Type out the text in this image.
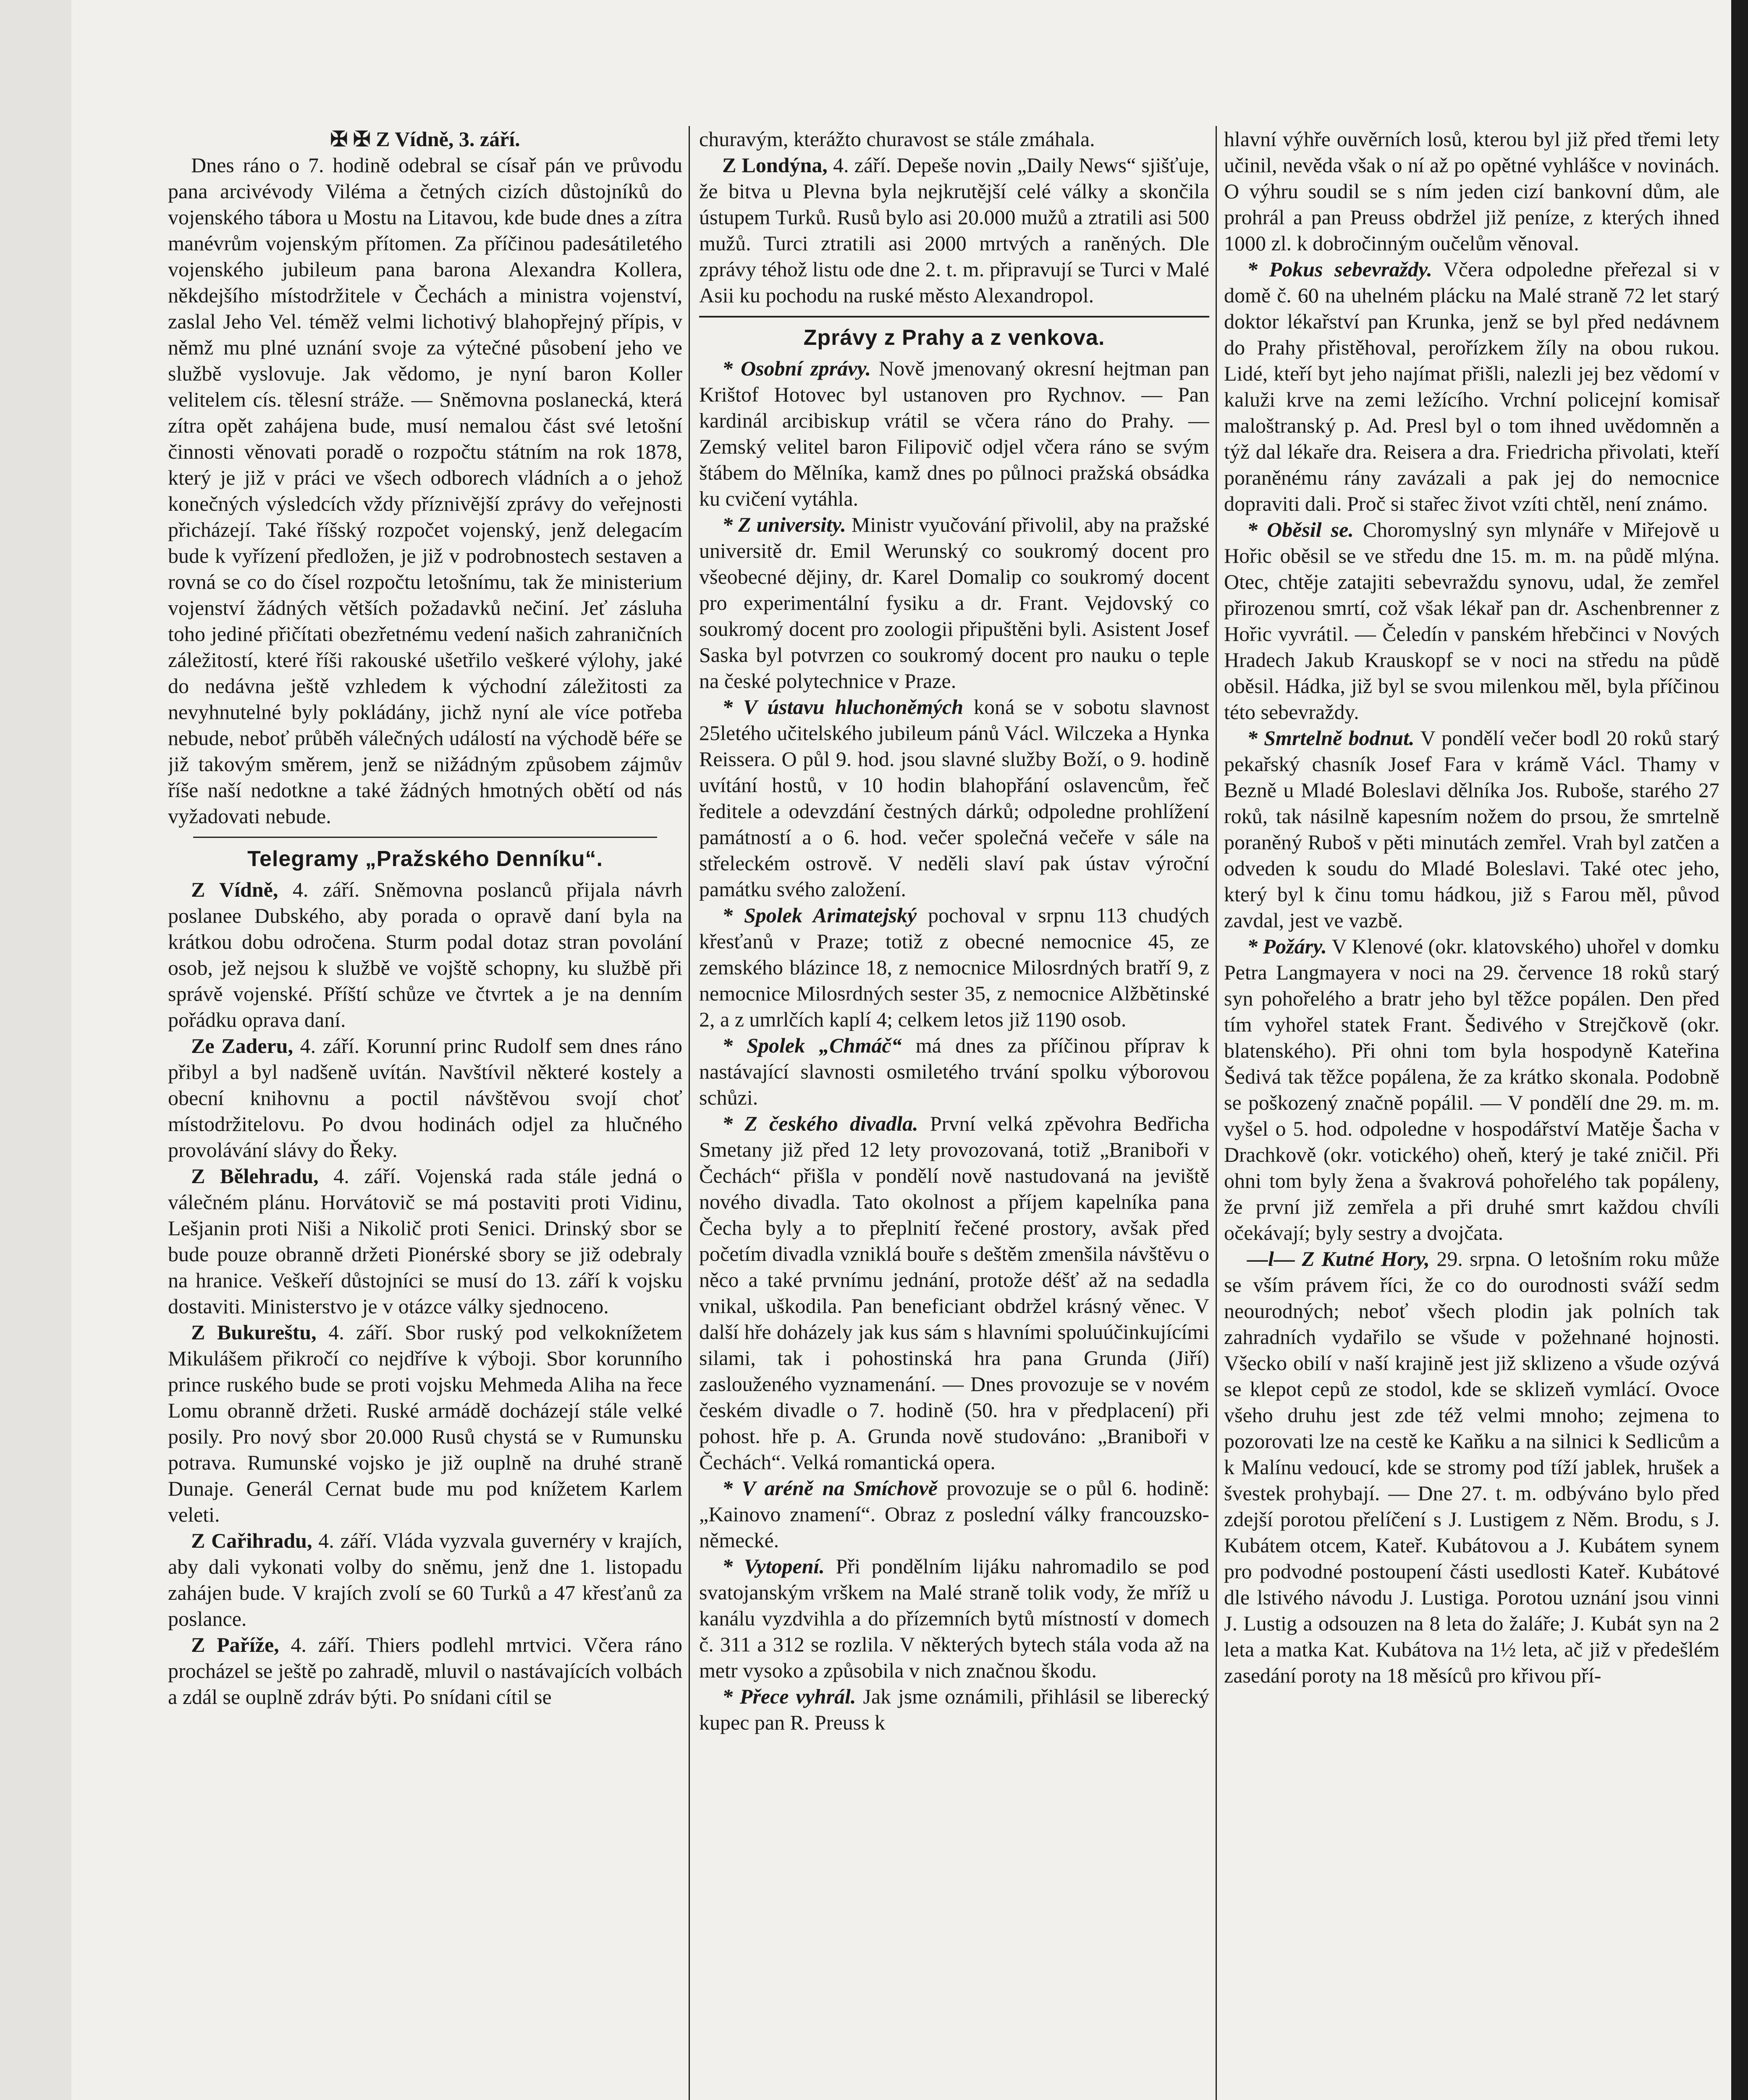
✠ ✠ Z Vídně, 3. září.

Dnes ráno o 7. hodině odebral se císař pán ve průvodu pana arcivévody Viléma a četných cizích důstojníků do vojenského tábora u Mostu na Litavou, kde bude dnes a zítra manévrům vojenským přítomen. Za příčinou padesátiletého vojenského jubileum pana barona Alexandra Kollera, někdejšího místodržitele v Čechách a ministra vojenství, zaslal Jeho Vel. téměž velmi lichotivý blahopřejný přípis, v němž mu plné uznání svoje za výtečné působení jeho ve službě vyslovuje. Jak vědomo, je nyní baron Koller velitelem cís. tělesní stráže. — Sněmovna poslanecká, která zítra opět zahájena bude, musí nemalou část své letošní činnosti věnovati poradě o rozpočtu státním na rok 1878, který je již v práci ve všech odborech vládních a o jehož konečných výsledcích vždy příznivější zprávy do veřejnosti přicházejí. Také říšský rozpočet vojenský, jenž delegacím bude k vyřízení předložen, je již v podrobnostech sestaven a rovná se co do čísel rozpočtu letošnímu, tak že ministerium vojenství žádných větších požadavků nečiní. Jeť zásluha toho jediné přičítati obezřetnému vedení našich zahraničních záležitostí, které říši rakouské ušetřilo veškeré výlohy, jaké do nedávna ještě vzhledem k východní záležitosti za nevyhnutelné byly pokládány, jichž nyní ale více potřeba nebude, neboť průběh válečných událostí na východě béře se již takovým směrem, jenž se nižádným způsobem zájmův říše naší nedotkne a také žádných hmotných obětí od nás vyžadovati nebude.

Telegramy „Pražského Denníku“.

Z Vídně, 4. září. Sněmovna poslanců přijala návrh poslanee Dubského, aby porada o opravě daní byla na krátkou dobu odročena. Sturm podal dotaz stran povolání osob, jež nejsou k službě ve vojště schopny, ku službě při správě vojenské. Příští schůze ve čtvrtek a je na denním pořádku oprava daní.

Ze Zaderu, 4. září. Korunní princ Rudolf sem dnes ráno přibyl a byl nadšeně uvítán. Navštívil některé kostely a obecní knihovnu a poctil návštěvou svojí choť místodržitelovu. Po dvou hodinách odjel za hlučného provolávání slávy do Řeky.

Z Bělehradu, 4. září. Vojenská rada stále jedná o válečném plánu. Horvátovič se má postaviti proti Vidinu, Lešjanin proti Niši a Nikolič proti Senici. Drinský sbor se bude pouze obranně držeti Pionérské sbory se již odebraly na hranice. Veškeří důstojníci se musí do 13. září k vojsku dostaviti. Ministerstvo je v otázce války sjednoceno.

Z Bukureštu, 4. září. Sbor ruský pod velkoknížetem Mikulášem přikročí co nejdříve k výboji. Sbor korunního prince ruského bude se proti vojsku Mehmeda Aliha na řece Lomu obranně držeti. Ruské armádě docházejí stále velké posily. Pro nový sbor 20.000 Rusů chystá se v Rumunsku potrava. Rumunské vojsko je již ouplně na druhé straně Dunaje. Generál Cernat bude mu pod knížetem Karlem veleti.

Z Cařihradu, 4. září. Vláda vyzvala guvernéry v krajích, aby dali vykonati volby do sněmu, jenž dne 1. listopadu zahájen bude. V krajích zvolí se 60 Turků a 47 křesťanů za poslance.

Z Paříže, 4. září. Thiers podlehl mrtvici. Včera ráno procházel se ještě po zahradě, mluvil o nastávajících volbách a zdál se ouplně zdráv býti. Po snídani cítil se

churavým, kterážto churavost se stále zmáhala.

Z Londýna, 4. září. Depeše novin „Daily News“ sjišťuje, že bitva u Plevna byla nejkrutější celé války a skončila ústupem Turků. Rusů bylo asi 20.000 mužů a ztratili asi 500 mužů. Turci ztratili asi 2000 mrtvých a raněných. Dle zprávy téhož listu ode dne 2. t. m. připravují se Turci v Malé Asii ku pochodu na ruské město Alexandropol.

Zprávy z Prahy a z venkova.

* Osobní zprávy. Nově jmenovaný okresní hejtman pan Krištof Hotovec byl ustanoven pro Rychnov. — Pan kardinál arcibiskup vrátil se včera ráno do Prahy. — Zemský velitel baron Filipovič odjel včera ráno se svým štábem do Mělníka, kamž dnes po půlnoci pražská obsádka ku cvičení vytáhla.

* Z university. Ministr vyučování přivolil, aby na pražské universitě dr. Emil Werunský co soukromý docent pro všeobecné dějiny, dr. Karel Domalip co soukromý docent pro experimentální fysiku a dr. Frant. Vejdovský co soukromý docent pro zoologii připuštěni byli. Asistent Josef Saska byl potvrzen co soukromý docent pro nauku o teple na české polytechnice v Praze.

* V ústavu hluchoněmých koná se v sobotu slavnost 25letého učitelského jubileum pánů Václ. Wilczeka a Hynka Reissera. O půl 9. hod. jsou slavné služby Boží, o 9. hodině uvítání hostů, v 10 hodin blahopřání oslavencům, řeč ředitele a odevzdání čestných dárků; odpoledne prohlížení památností a o 6. hod. večer společná večeře v sále na střeleckém ostrově. V neděli slaví pak ústav výroční památku svého založení.

* Spolek Arimatejský pochoval v srpnu 113 chudých křesťanů v Praze; totiž z obecné nemocnice 45, ze zemského blázince 18, z nemocnice Milosrdných bratří 9, z nemocnice Milosrdných sester 35, z nemocnice Alžbětinské 2, a z umrlčích kaplí 4; celkem letos již 1190 osob.

* Spolek „Chmáč“ má dnes za příčinou příprav k nastávající slavnosti osmiletého trvání spolku výborovou schůzi.

* Z českého divadla. První velká zpěvohra Bedřicha Smetany již před 12 lety provozovaná, totiž „Braniboři v Čechách“ přišla v pondělí nově nastudovaná na jeviště nového divadla. Tato okolnost a příjem kapelníka pana Čecha byly a to přeplnití řečené prostory, avšak před početím divadla vzniklá bouře s deštěm zmenšila návštěvu o něco a také prvnímu jednání, protože déšť až na sedadla vnikal, uškodila. Pan beneficiant obdržel krásný věnec. V další hře doházely jak kus sám s hlavními spoluúčinkujícími silami, tak i pohostinská hra pana Grunda (Jiří) zaslouženého vyznamenání. — Dnes provozuje se v novém českém divadle o 7. hodině (50. hra v předplacení) při pohost. hře p. A. Grunda nově studováno: „Braniboři v Čechách“. Velká romantická opera.

* V aréně na Smíchově provozuje se o půl 6. hodině: „Kainovo znamení“. Obraz z poslední války francouzsko-německé.

* Vytopení. Při pondělním lijáku nahromadilo se pod svatojanským vrškem na Malé straně tolik vody, že mříž u kanálu vyzdvihla a do přízemních bytů místností v domech č. 311 a 312 se rozlila. V některých bytech stála voda až na metr vysoko a způsobila v nich značnou škodu.

* Přece vyhrál. Jak jsme oznámili, přihlásil se liberecký kupec pan R. Preuss k

hlavní výhře ouvěrních losů, kterou byl již před třemi lety učinil, nevěda však o ní až po opětné vyhlášce v novinách. O výhru soudil se s ním jeden cizí bankovní dům, ale prohrál a pan Preuss obdržel již peníze, z kterých ihned 1000 zl. k dobročinným oučelům věnoval.

* Pokus sebevraždy. Včera odpoledne přeřezal si v domě č. 60 na uhelném plácku na Malé straně 72 let starý doktor lékařství pan Krunka, jenž se byl před nedávnem do Prahy přistěhoval, perořízkem žíly na obou rukou. Lidé, kteří byt jeho najímat přišli, nalezli jej bez vědomí v kaluži krve na zemi ležícího. Vrchní policejní komisař maloštranský p. Ad. Presl byl o tom ihned uvědomněn a týž dal lékaře dra. Reisera a dra. Friedricha přivolati, kteří poraněnému rány zavázali a pak jej do nemocnice dopraviti dali. Proč si stařec život vzíti chtěl, není známo.

* Oběsil se. Choromyslný syn mlynáře v Miřejově u Hořic oběsil se ve středu dne 15. m. m. na půdě mlýna. Otec, chtěje zatajiti sebevraždu synovu, udal, že zemřel přirozenou smrtí, což však lékař pan dr. Aschenbrenner z Hořic vyvrátil. — Čeledín v panském hřebčinci v Nových Hradech Jakub Krauskopf se v noci na středu na půdě oběsil. Hádka, již byl se svou milenkou měl, byla příčinou této sebevraždy.

* Smrtelně bodnut. V pondělí večer bodl 20 roků starý pekařský chasník Josef Fara v krámě Václ. Thamy v Bezně u Mladé Boleslavi dělníka Jos. Ruboše, starého 27 roků, tak násilně kapesním nožem do prsou, že smrtelně poraněný Ruboš v pěti minutách zemřel. Vrah byl zatčen a odveden k soudu do Mladé Boleslavi. Také otec jeho, který byl k činu tomu hádkou, již s Farou měl, původ zavdal, jest ve vazbě.

* Požáry. V Klenové (okr. klatovského) uhořel v domku Petra Langmayera v noci na 29. července 18 roků starý syn pohořelého a bratr jeho byl těžce popálen. Den před tím vyhořel statek Frant. Šedivého v Strejčkově (okr. blatenského). Při ohni tom byla hospodyně Kateřina Šedivá tak těžce popálena, že za krátko skonala. Podobně se poškozený značně popálil. — V pondělí dne 29. m. m. vyšel o 5. hod. odpoledne v hospodářství Matěje Šacha v Drachkově (okr. votického) oheň, který je také zničil. Při ohni tom byly žena a švakrová pohořelého tak popáleny, že první již zemřela a při druhé smrt každou chvíli očekávají; byly sestry a dvojčata.

—l— Z Kutné Hory, 29. srpna. O letošním roku může se vším právem říci, že co do ourodnosti sváží sedm neourodných; neboť všech plodin jak polních tak zahradních vydařilo se všude v požehnané hojnosti. Všecko obilí v naší krajině jest již sklizeno a všude ozývá se klepot cepů ze stodol, kde se sklizeň vymlácí. Ovoce všeho druhu jest zde též velmi mnoho; zejmena to pozorovati lze na cestě ke Kaňku a na silnici k Sedlicům a k Malínu vedoucí, kde se stromy pod tíží jablek, hrušek a švestek prohybají. — Dne 27. t. m. odbýváno bylo před zdejší porotou přelíčení s J. Lustigem z Něm. Brodu, s J. Kubátem otcem, Kateř. Kubátovou a J. Kubátem synem pro podvodné postoupení části usedlosti Kateř. Kubátové dle lstivého návodu J. Lustiga. Porotou uznání jsou vinni J. Lustig a odsouzen na 8 leta do žaláře; J. Kubát syn na 2 leta a matka Kat. Kubátova na 1½ leta, ač již v předešlém zasedání poroty na 18 měsíců pro křivou pří-
